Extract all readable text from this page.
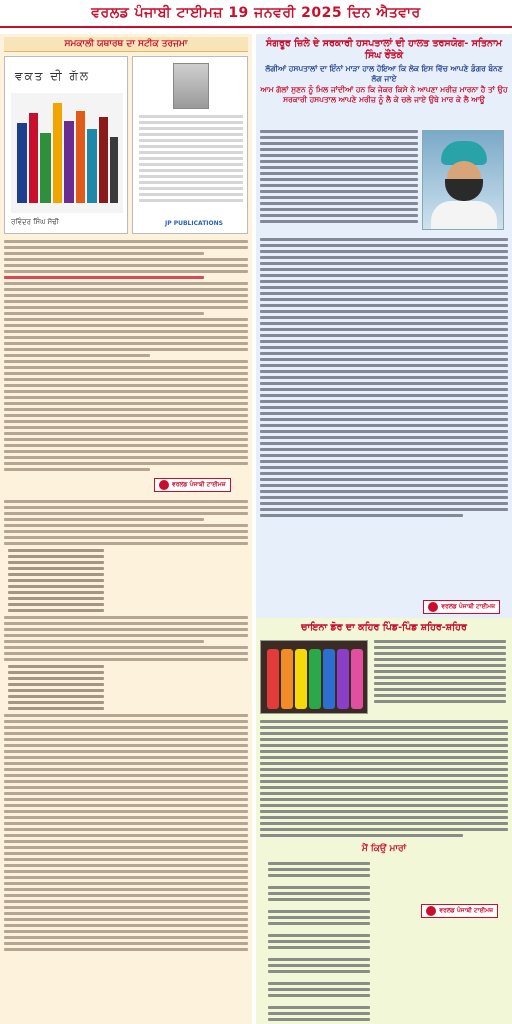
ਵਰਲਡ ਪੰਜਾਬੀ ਟਾਈਮਜ਼ 19 ਜਨਵਰੀ 2025 ਦਿਨ ਐਤਵਾਰ
ਸਮਕਾਲੀ ਯਥਾਰਥ ਦਾ ਸਟੀਕ ਤਰਜਮਾ
ਵਕਤ ਦੀ ਗੱਲ
ਰਵਿੰਦਰ ਸਿੰਘ ਸੋਢੀ	JP PUBLICATIONS
ਵਰਲਡ ਪੰਜਾਬੀ ਟਾਈਮਜ਼
ਸੰਗਰੂਰ ਜ਼ਿਲੇ ਦੇ ਸਰਕਾਰੀ ਹਸਪਤਾਲਾਂ ਦੀ ਹਾਲਤ ਤਰਸਯੋਗ- ਸਤਿਨਾਮ ਸਿੰਘ ਰੌਂਤੇਕੇ
ਲੱਗੀਆਂ ਹਸਪਤਾਲਾਂ ਦਾ ਇੰਨਾਂ ਮਾੜਾ ਹਾਲ ਹੋਇਆ ਕਿ ਲੋਕ ਇਸ ਵਿੱਚ ਆਪਣੇ ਡੰਗਰ ਬੰਨਣ ਲੱਗ ਜਾਏ
ਆਮ ਗੱਲਾਂ ਸੁਣਨ ਨੂੰ ਮਿਲ ਜਾਂਦੀਆਂ ਹਨ ਕਿ ਜੇਕਰ ਕਿਸੇ ਨੇ ਆਪਣਾ ਮਰੀਜ਼ ਮਾਰਨਾ ਹੈ ਤਾਂ ਉਹ ਸਰਕਾਰੀ ਹਸਪਤਾਲ ਆਪਣੇ ਮਰੀਜ਼ ਨੂੰ ਲੈ ਕੇ ਚਲੇ ਜਾਏ ਉਥੇ ਮਾਰ ਕੇ ਲੈ ਆਊ
ਵਰਲਡ ਪੰਜਾਬੀ ਟਾਈਮਜ਼
ਚਾਇਨਾ ਡੋਰ ਦਾ ਕਹਿਰ ਪਿੰਡ-ਪਿੰਡ ਸ਼ਹਿਰ-ਸ਼ਹਿਰ
ਮੈਂ ਕਿਉਂ ਮਾਰਾਂ
ਵਰਲਡ ਪੰਜਾਬੀ ਟਾਈਮਜ਼
